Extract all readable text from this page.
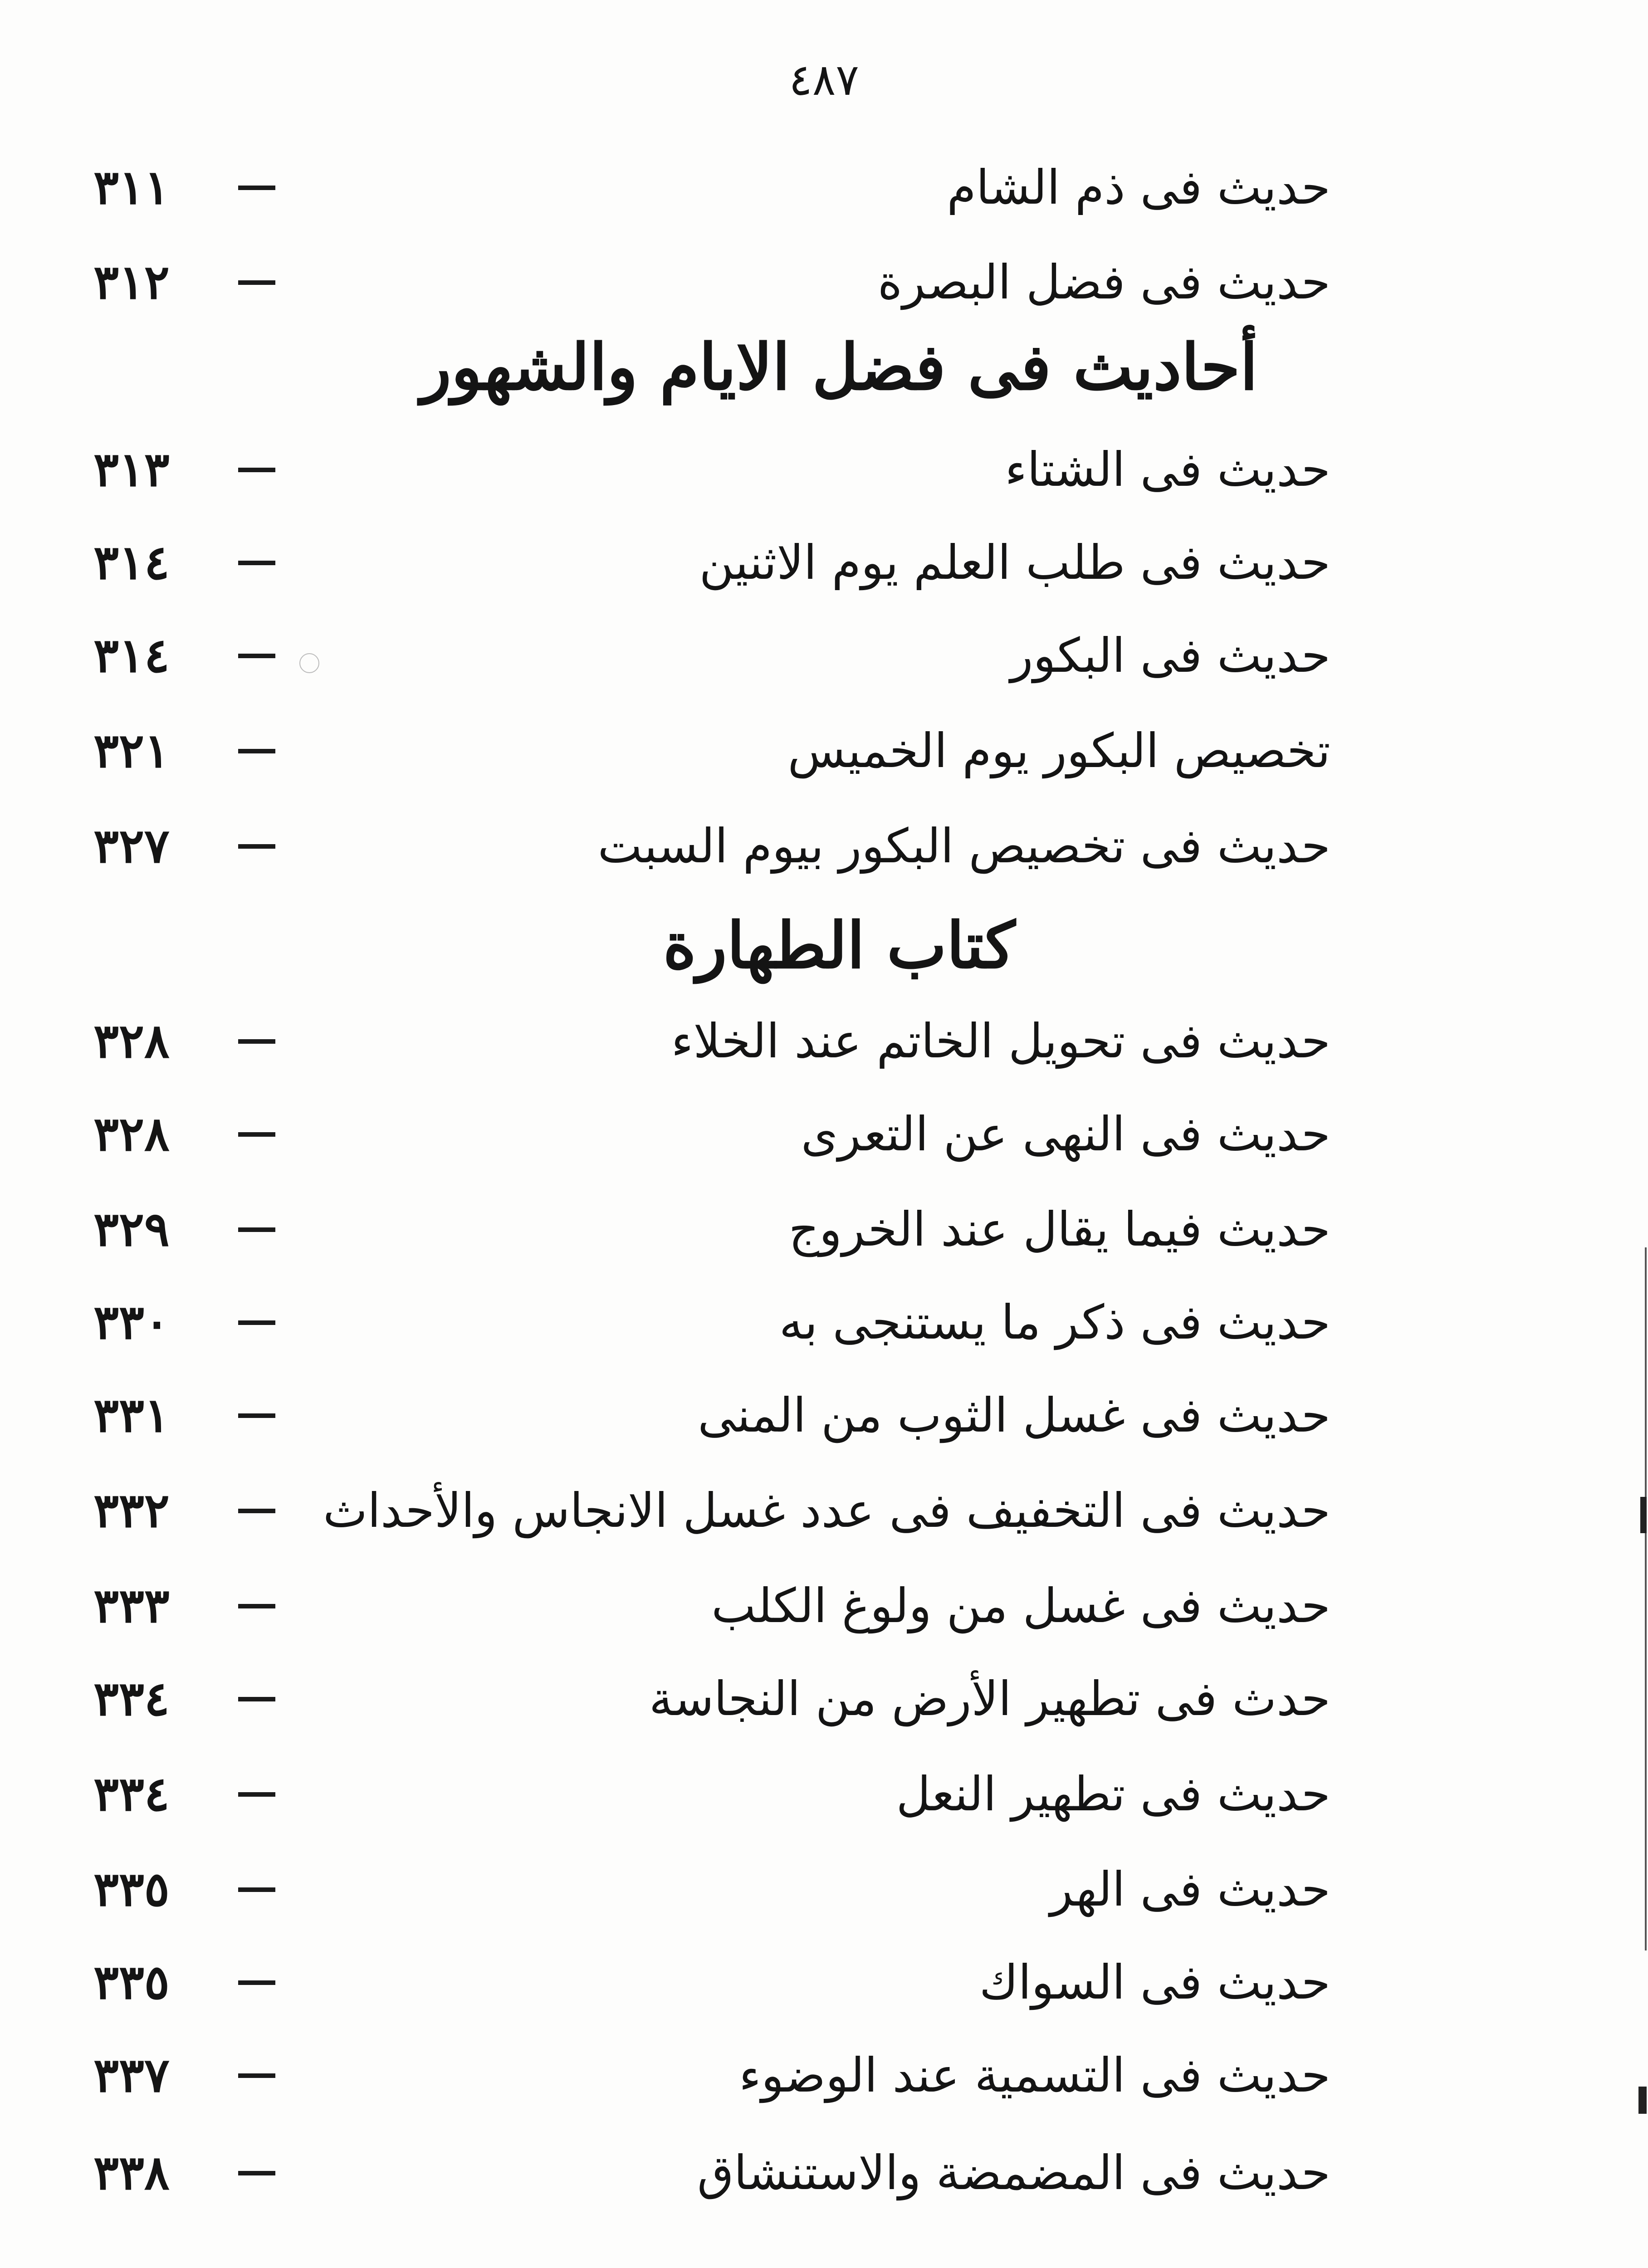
٤٨٧
حديث فى ذم الشام
٣١١
حديث فى فضل البصرة
٣١٢
أحاديث فى فضل الايام والشهور
حديث فى الشتاء
٣١٣
حديث فى طلب العلم يوم الاثنين
٣١٤
حديث فى البكور
٣١٤
تخصيص البكور يوم الخميس
٣٢١
حديث فى تخصيص البكور بيوم السبت
٣٢٧
كتاب الطهارة
حديث فى تحويل الخاتم عند الخلاء
٣٢٨
حديث فى النهى عن التعرى
٣٢٨
حديث فيما يقال عند الخروج
٣٢٩
حديث فى ذكر ما يستنجى به
٣٣٠
حديث فى غسل الثوب من المنى
٣٣١
حديث فى التخفيف فى عدد غسل الانجاس والأحداث
٣٣٢
حديث فى غسل من ولوغ الكلب
٣٣٣
حدث فى تطهير الأرض من النجاسة
٣٣٤
حديث فى تطهير النعل
٣٣٤
حديث فى الهر
٣٣٥
حديث فى السواك
٣٣٥
حديث فى التسمية عند الوضوء
٣٣٧
حديث فى المضمضة والاستنشاق
٣٣٨
